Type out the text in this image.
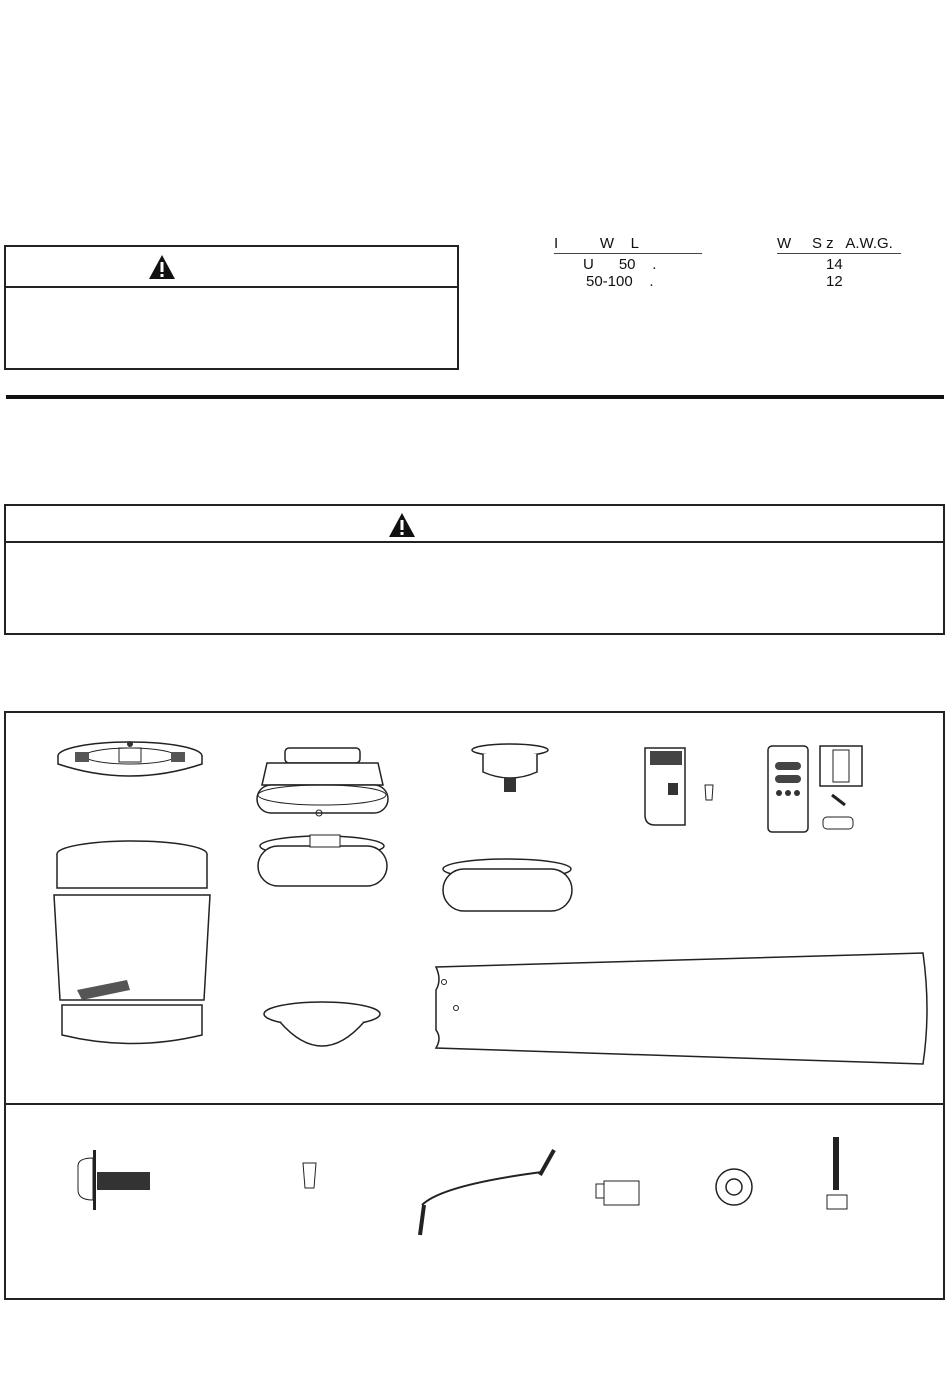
I          W    L	W     S z   A.W.G.
U      50    .	14
50-100    .	12
